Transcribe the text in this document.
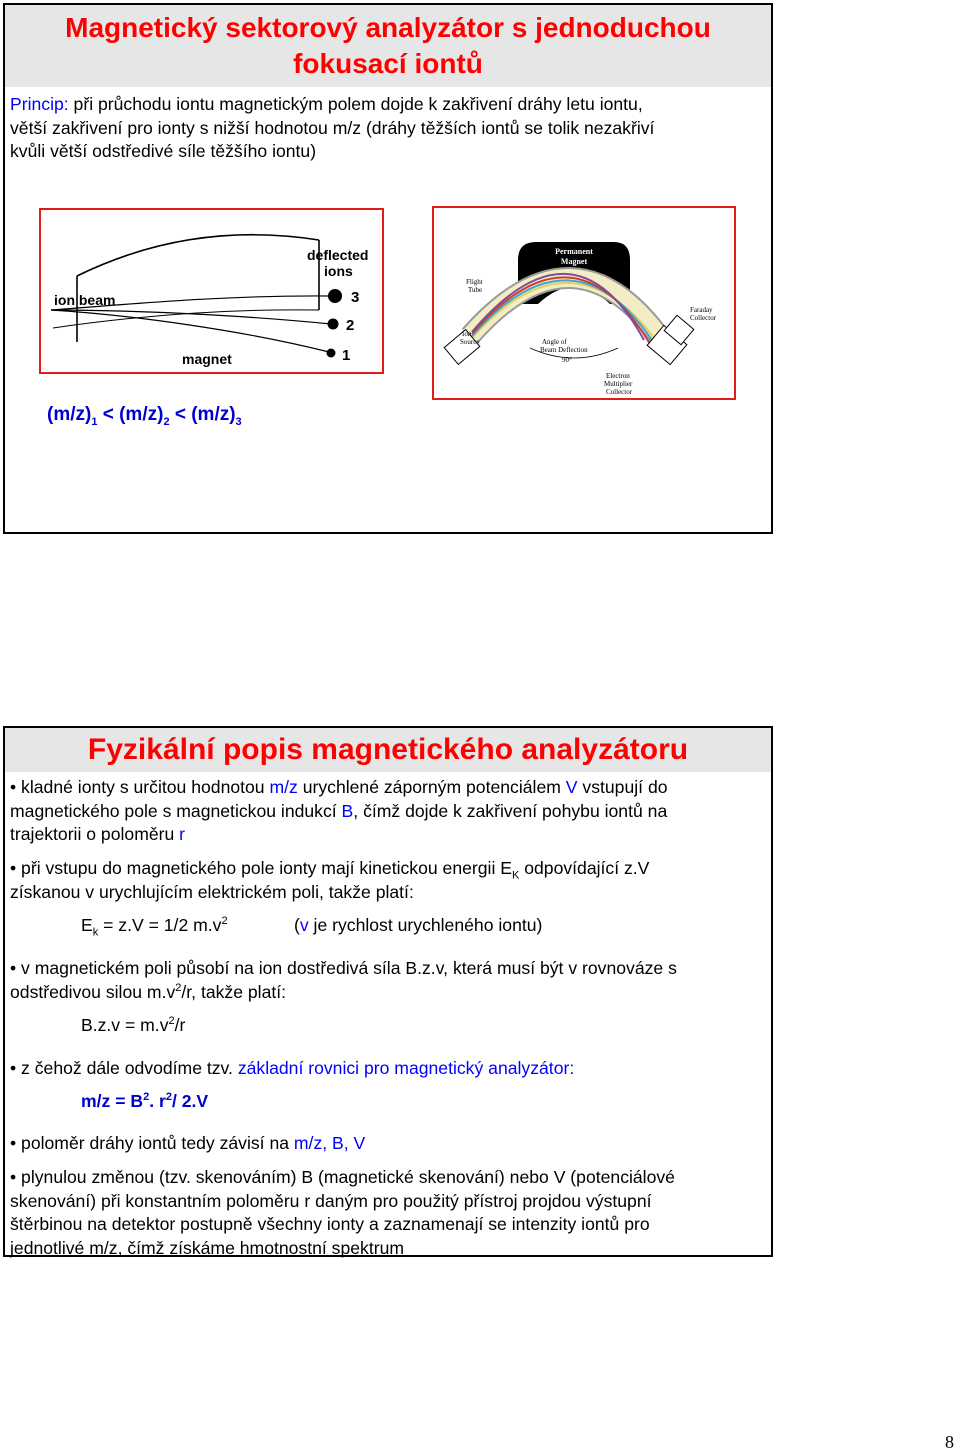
Magnetický sektorový analyzátor s jednoduchou
fokusací iontů
Princip: při průchodu iontu magnetickým polem dojde k zakřivení dráhy letu iontu,
větší zakřivení pro ionty s nižší hodnotou m/z (dráhy těžších iontů se tolik nezakřiví
kvůli větší odstředivé síle těžšího iontu)
ion beam
deflected
ions
magnet
3
2
1
$(m/z)_1 < (m/z)_2 < (m/z)_3$
Permanent
Magnet
Flight
Tube
Faraday
Collector
Ion
Source	Angle of
Beam Deflection
90°
Electron
Multiplier
Collector
Fyzikální popis magnetického analyzátoru
• kladné ionty s určitou hodnotou m/z urychlené záporným potenciálem V vstupují do
magnetického pole s magnetickou indukcí B, čímž dojde k zakřivení pohybu iontů na
trajektorii o poloměru r
• při vstupu do magnetického pole ionty mají kinetickou energii $E_K$ odpovídající z.V
získanou v urychlujícím elektrickém poli, takže platí:
$E_k = z.V = 1/2$ $m.v^2$	(v je rychlost urychleného iontu)
• v magnetickém poli působí na ion dostředivá síla B.z.v, která musí být v rovnováze s
odstředivou silou $m.v^2/r$, takže platí:
$B.z.v = m.v^2/r$
• z čehož dále odvodíme tzv. základní rovnici pro magnetický analyzátor:
$m/z = B^2$. $r^2/$ 2.V
• poloměr dráhy iontů tedy závisí na m/z, B, V
• plynulou změnou (tzv. skenováním) B (magnetické skenování) nebo V (potenciálové
skenování) při konstantním poloměru r daným pro použitý přístroj projdou výstupní
štěrbinou na detektor postupně všechny ionty a zaznamenají se intenzity iontů pro
jednotlivé m/z, čímž získáme hmotnostní spektrum
8
